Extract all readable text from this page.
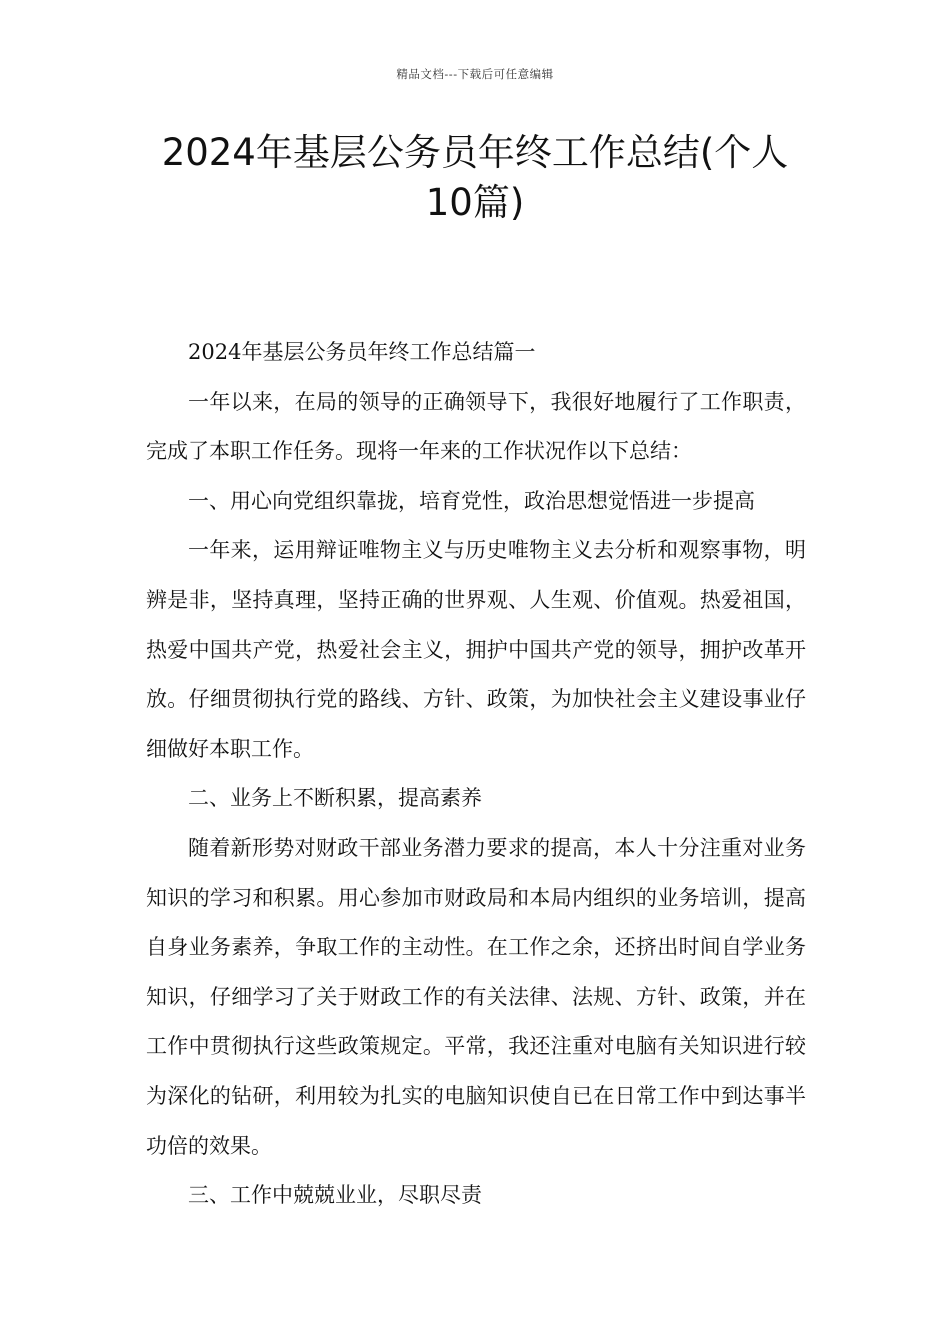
精品文档---下载后可任意编辑
2024年基层公务员年终工作总结(个人
10篇)

2024年基层公务员年终工作总结篇一

一年以来，在局的领导的正确领导下，我很好地履行了工作职责，完成了本职工作任务。现将一年来的工作状况作以下总结：

一、用心向党组织靠拢，培育党性，政治思想觉悟进一步提高

一年来，运用辩证唯物主义与历史唯物主义去分析和观察事物，明辨是非，坚持真理，坚持正确的世界观、人生观、价值观。热爱祖国，热爱中国共产党，热爱社会主义，拥护中国共产党的领导，拥护改革开放。仔细贯彻执行党的路线、方针、政策，为加快社会主义建设事业仔细做好本职工作。

二、业务上不断积累，提高素养

随着新形势对财政干部业务潜力要求的提高，本人十分注重对业务知识的学习和积累。用心参加市财政局和本局内组织的业务培训，提高自身业务素养，争取工作的主动性。在工作之余，还挤出时间自学业务知识，仔细学习了关于财政工作的有关法律、法规、方针、政策，并在工作中贯彻执行这些政策规定。平常，我还注重对电脑有关知识进行较为深化的钻研，利用较为扎实的电脑知识使自已在日常工作中到达事半功倍的效果。

三、工作中兢兢业业，尽职尽责
